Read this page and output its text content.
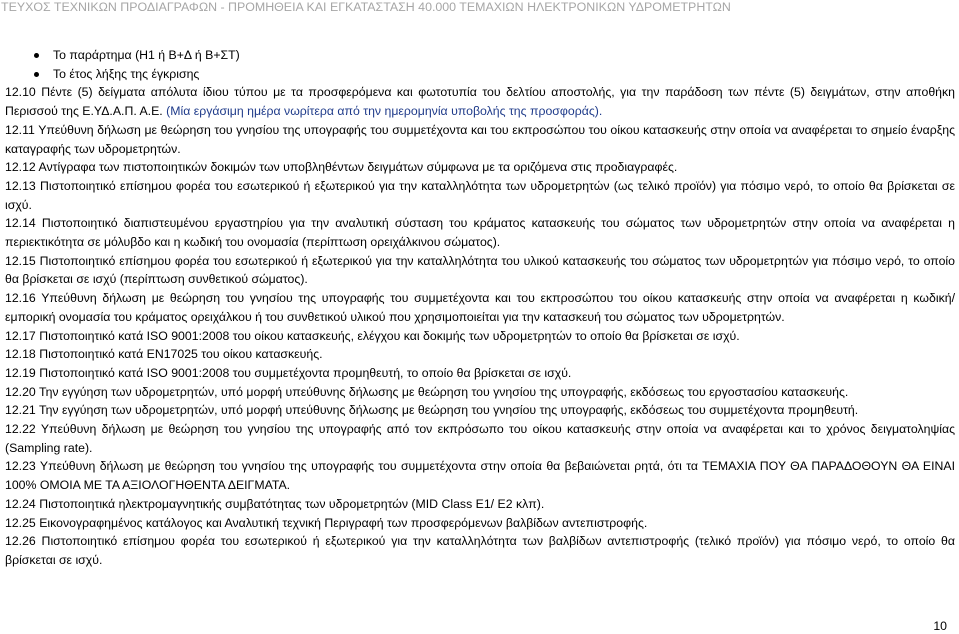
ΤΕΥΧΟΣ ΤΕΧΝΙΚΩΝ ΠΡΟΔΙΑΓΡΑΦΩΝ - ΠΡΟΜΗΘΕΙΑ ΚΑΙ ΕΓΚΑΤΑΣΤΑΣΗ 40.000 ΤΕΜΑΧΙΩΝ ΗΛΕΚΤΡΟΝΙΚΩΝ ΥΔΡΟΜΕΤΡΗΤΩΝ
Το παράρτημα (Η1 ή Β+Δ ή Β+ΣΤ)
Το έτος λήξης της έγκρισης

12.10 Πέντε (5) δείγματα απόλυτα ίδιου τύπου με τα προσφερόμενα και φωτοτυπία του δελτίου αποστολής, για την παράδοση των πέντε (5) δειγμάτων, στην αποθήκη Περισσού της Ε.ΥΔ.Α.Π. Α.Ε. (Μία εργάσιμη ημέρα νωρίτερα από την ημερομηνία υποβολής της προσφοράς).

12.11 Υπεύθυνη δήλωση με θεώρηση του γνησίου της υπογραφής του συμμετέχοντα και του εκπροσώπου του οίκου κατασκευής στην οποία να αναφέρεται το σημείο έναρξης καταγραφής των υδρομετρητών.

12.12 Αντίγραφα των πιστοποιητικών δοκιμών των υποβληθέντων δειγμάτων σύμφωνα με τα οριζόμενα στις προδιαγραφές.

12.13 Πιστοποιητικό επίσημου φορέα του εσωτερικού ή εξωτερικού για την καταλληλότητα των υδρομετρητών (ως τελικό προϊόν) για πόσιμο νερό, το οποίο θα βρίσκεται σε ισχύ.

12.14 Πιστοποιητικό διαπιστευμένου εργαστηρίου για την αναλυτική σύσταση του κράματος κατασκευής του σώματος των υδρομετρητών στην οποία να αναφέρεται η περιεκτικότητα σε μόλυβδο και η κωδική του ονομασία (περίπτωση ορειχάλκινου σώματος).

12.15 Πιστοποιητικό επίσημου φορέα του εσωτερικού ή εξωτερικού για την καταλληλότητα του υλικού κατασκευής του σώματος των υδρομετρητών για πόσιμο νερό, το οποίο θα βρίσκεται σε ισχύ (περίπτωση συνθετικού σώματος).

12.16 Υπεύθυνη δήλωση με θεώρηση του γνησίου της υπογραφής του συμμετέχοντα και του εκπροσώπου του οίκου κατασκευής στην οποία να αναφέρεται η κωδική/ εμπορική ονομασία του κράματος ορειχάλκου ή του συνθετικού υλικού που χρησιμοποιείται για την κατασκευή του σώματος των υδρομετρητών.

12.17 Πιστοποιητικό κατά ISO 9001:2008 του οίκου κατασκευής, ελέγχου και δοκιμής των υδρομετρητών το οποίο θα βρίσκεται σε ισχύ.

12.18 Πιστοποιητικό κατά EN17025 του οίκου κατασκευής.

12.19 Πιστοποιητικό κατά ISO 9001:2008 του συμμετέχοντα προμηθευτή, το οποίο θα βρίσκεται σε ισχύ.

12.20 Την εγγύηση των υδρομετρητών, υπό μορφή υπεύθυνης δήλωσης με θεώρηση του γνησίου της υπογραφής, εκδόσεως του εργοστασίου κατασκευής.

12.21 Την εγγύηση των υδρομετρητών, υπό μορφή υπεύθυνης δήλωσης με θεώρηση του γνησίου της υπογραφής, εκδόσεως του συμμετέχοντα προμηθευτή.

12.22 Υπεύθυνη δήλωση με θεώρηση του γνησίου της υπογραφής από τον εκπρόσωπο του οίκου κατασκευής στην οποία να αναφέρεται και το χρόνος δειγματοληψίας (Sampling rate).

12.23 Υπεύθυνη δήλωση με θεώρηση του γνησίου της υπογραφής του συμμετέχοντα στην οποία θα βεβαιώνεται ρητά, ότι τα ΤΕΜΑΧΙΑ ΠΟΥ ΘΑ ΠΑΡΑΔΟΘΟΥΝ ΘΑ ΕΙΝΑΙ 100% ΟΜΟΙΑ ΜΕ ΤΑ ΑΞΙΟΛΟΓΗΘΕΝΤΑ ΔΕΙΓΜΑΤΑ.

12.24 Πιστοποιητικά ηλεκτρομαγνητικής συμβατότητας των υδρομετρητών (MID Class E1/ E2 κλπ).

12.25 Εικονογραφημένος κατάλογος και Αναλυτική τεχνική Περιγραφή των προσφερόμενων βαλβίδων αντεπιστροφής.

12.26 Πιστοποιητικό επίσημου φορέα του εσωτερικού ή εξωτερικού για την καταλληλότητα των βαλβίδων αντεπιστροφής (τελικό προϊόν) για πόσιμο νερό, το οποίο θα βρίσκεται σε ισχύ.

10
